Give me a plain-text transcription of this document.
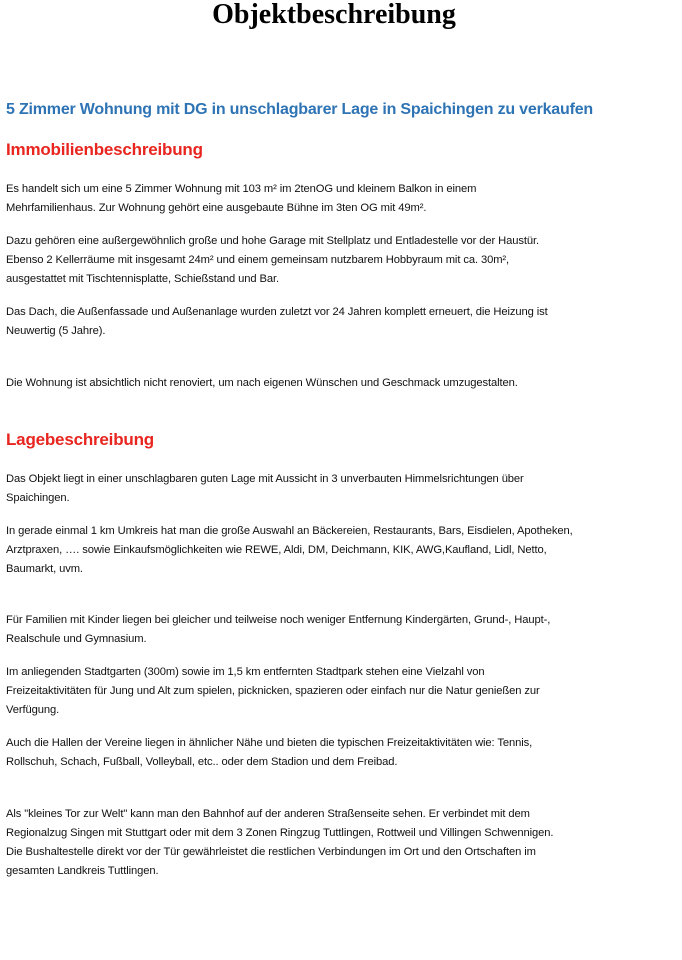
Objektbeschreibung
5 Zimmer Wohnung mit DG in unschlagbarer Lage in Spaichingen zu verkaufen
Immobilienbeschreibung

Es handelt sich um eine 5 Zimmer Wohnung mit 103 m² im 2tenOG und kleinem Balkon in einem
Mehrfamilienhaus. Zur Wohnung gehört eine ausgebaute Bühne im 3ten OG mit 49m².

Dazu gehören eine außergewöhnlich große und hohe Garage mit Stellplatz und Entladestelle vor der Haustür.
Ebenso 2 Kellerräume mit insgesamt 24m² und einem gemeinsam nutzbarem Hobbyraum mit ca. 30m²,
ausgestattet mit Tischtennisplatte, Schießstand und Bar.

Das Dach, die Außenfassade und Außenanlage wurden zuletzt vor 24 Jahren komplett erneuert, die Heizung ist
Neuwertig (5 Jahre).

Die Wohnung ist absichtlich nicht renoviert, um nach eigenen Wünschen und Geschmack umzugestalten.

Lagebeschreibung

Das Objekt liegt in einer unschlagbaren guten Lage mit Aussicht in 3 unverbauten Himmelsrichtungen über
Spaichingen.

In gerade einmal 1 km Umkreis hat man die große Auswahl an Bäckereien, Restaurants, Bars, Eisdielen, Apotheken,
Arztpraxen, …. sowie Einkaufsmöglichkeiten wie REWE, Aldi, DM, Deichmann, KIK, AWG,Kaufland, Lidl, Netto,
Baumarkt, uvm.

Für Familien mit Kinder liegen bei gleicher und teilweise noch weniger Entfernung Kindergärten, Grund-, Haupt-,
Realschule und Gymnasium.

Im anliegenden Stadtgarten (300m) sowie im 1,5 km entfernten Stadtpark stehen eine Vielzahl von
Freizeitaktivitäten für Jung und Alt zum spielen, picknicken, spazieren oder einfach nur die Natur genießen zur
Verfügung.

Auch die Hallen der Vereine liegen in ähnlicher Nähe und bieten die typischen Freizeitaktivitäten wie: Tennis,
Rollschuh, Schach, Fußball, Volleyball, etc.. oder dem Stadion und dem Freibad.

Als "kleines Tor zur Welt" kann man den Bahnhof auf der anderen Straßenseite sehen. Er verbindet mit dem
Regionalzug Singen mit Stuttgart oder mit dem 3 Zonen Ringzug Tuttlingen, Rottweil und Villingen Schwennigen.
Die Bushaltestelle direkt vor der Tür gewährleistet die restlichen Verbindungen im Ort und den Ortschaften im
gesamten Landkreis Tuttlingen.
